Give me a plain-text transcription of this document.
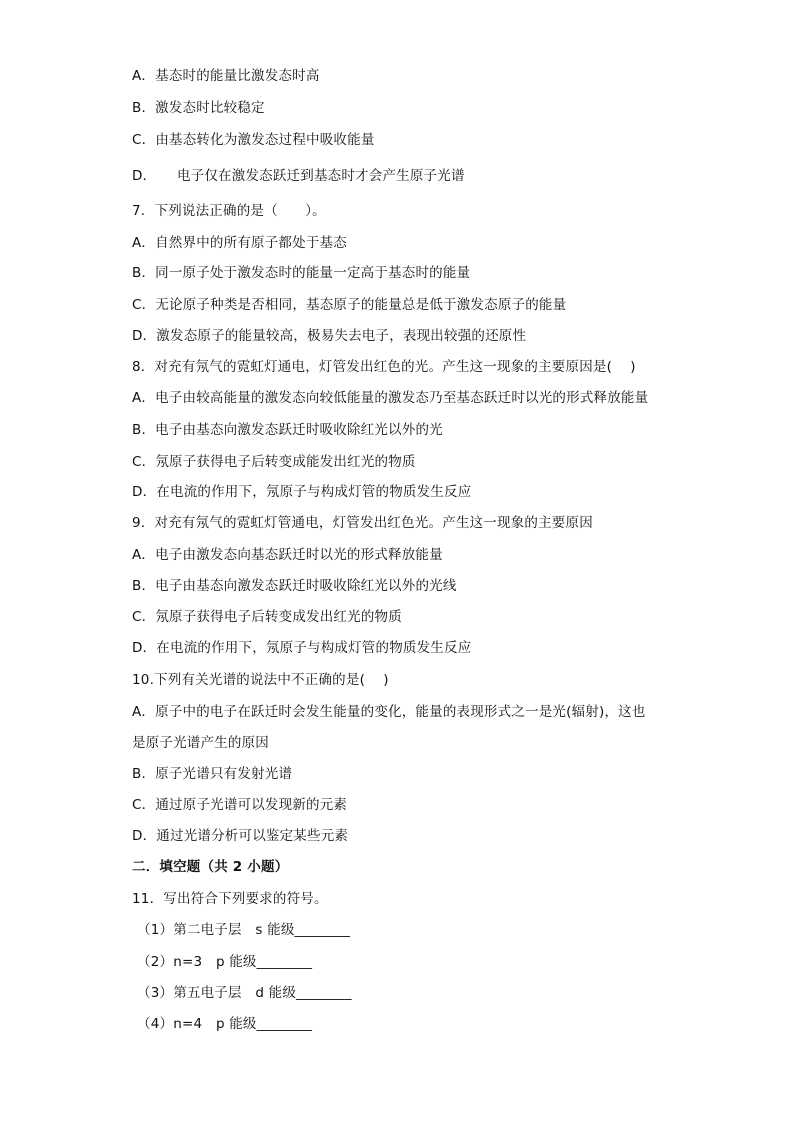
A．基态时的能量比激发态时高
B．激发态时比较稳定
C．由基态转化为激发态过程中吸收能量
D．　　电子仅在激发态跃迁到基态时才会产生原子光谱
7．下列说法正确的是（　　）。
A．自然界中的所有原子都处于基态
B．同一原子处于激发态时的能量一定高于基态时的能量
C．无论原子种类是否相同，基态原子的能量总是低于激发态原子的能量
D．激发态原子的能量较高，极易失去电子，表现出较强的还原性
8．对充有氖气的霓虹灯通电，灯管发出红色的光。产生这一现象的主要原因是(　 )
A．电子由较高能量的激发态向较低能量的激发态乃至基态跃迁时以光的形式释放能量
B．电子由基态向激发态跃迁时吸收除红光以外的光
C．氖原子获得电子后转变成能发出红光的物质
D．在电流的作用下，氖原子与构成灯管的物质发生反应
9．对充有氖气的霓虹灯管通电，灯管发出红色光。产生这一现象的主要原因
A．电子由激发态向基态跃迁时以光的形式释放能量
B．电子由基态向激发态跃迁时吸收除红光以外的光线
C．氖原子获得电子后转变成发出红光的物质
D．在电流的作用下，氖原子与构成灯管的物质发生反应
10.下列有关光谱的说法中不正确的是(　 )
A．原子中的电子在跃迁时会发生能量的变化，能量的表现形式之一是光(辐射)，这也
是原子光谱产生的原因
B．原子光谱只有发射光谱
C．通过原子光谱可以发现新的元素
D．通过光谱分析可以鉴定某些元素
二．填空题（共 2 小题）
11．写出符合下列要求的符号。
（1）第二电子层　s 能级________
（2）n=3　p 能级________
（3）第五电子层　d 能级________
（4）n=4　p 能级________
